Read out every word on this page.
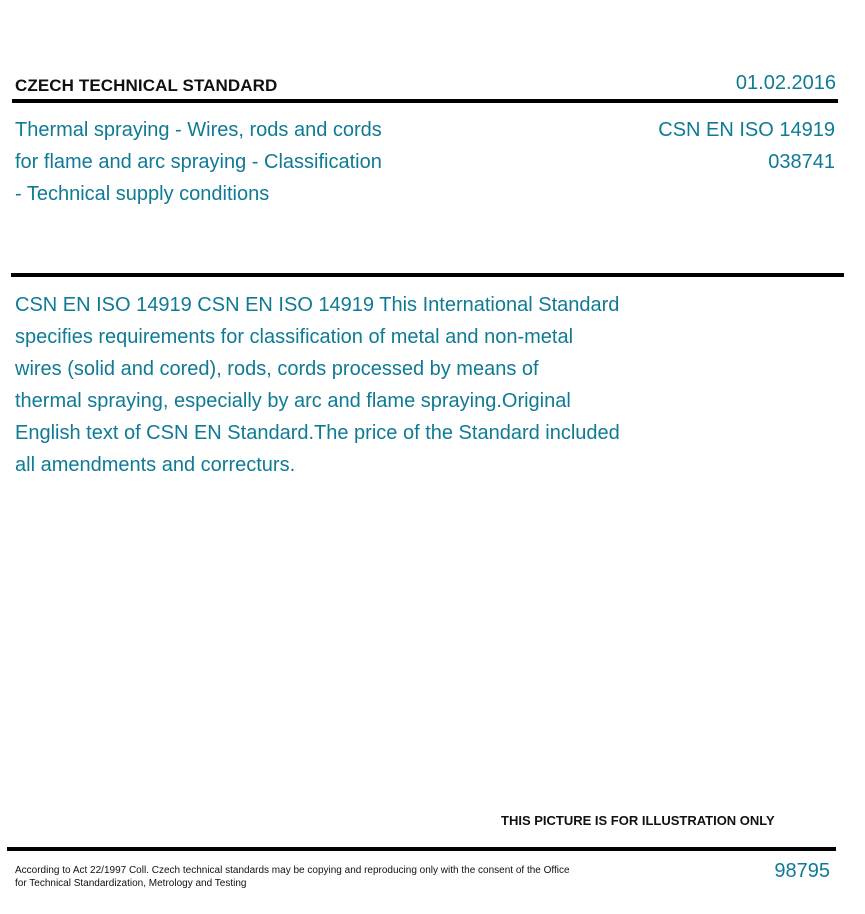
CZECH TECHNICAL STANDARD	01.02.2016
Thermal spraying - Wires, rods and cords
for flame and arc spraying - Classification
- Technical supply conditions
CSN EN ISO 14919
038741
CSN EN ISO 14919 CSN EN ISO 14919 This International Standard
specifies requirements for classification of metal and non-metal
wires (solid and cored), rods, cords processed by means of
thermal spraying, especially by arc and flame spraying.Original
English text of CSN EN Standard.The price of the Standard included
all amendments and correcturs.
THIS PICTURE IS FOR ILLUSTRATION ONLY
According to Act 22/1997 Coll. Czech technical standards may be copying and reproducing only with the consent of the Office
for Technical Standardization, Metrology and Testing
98795
